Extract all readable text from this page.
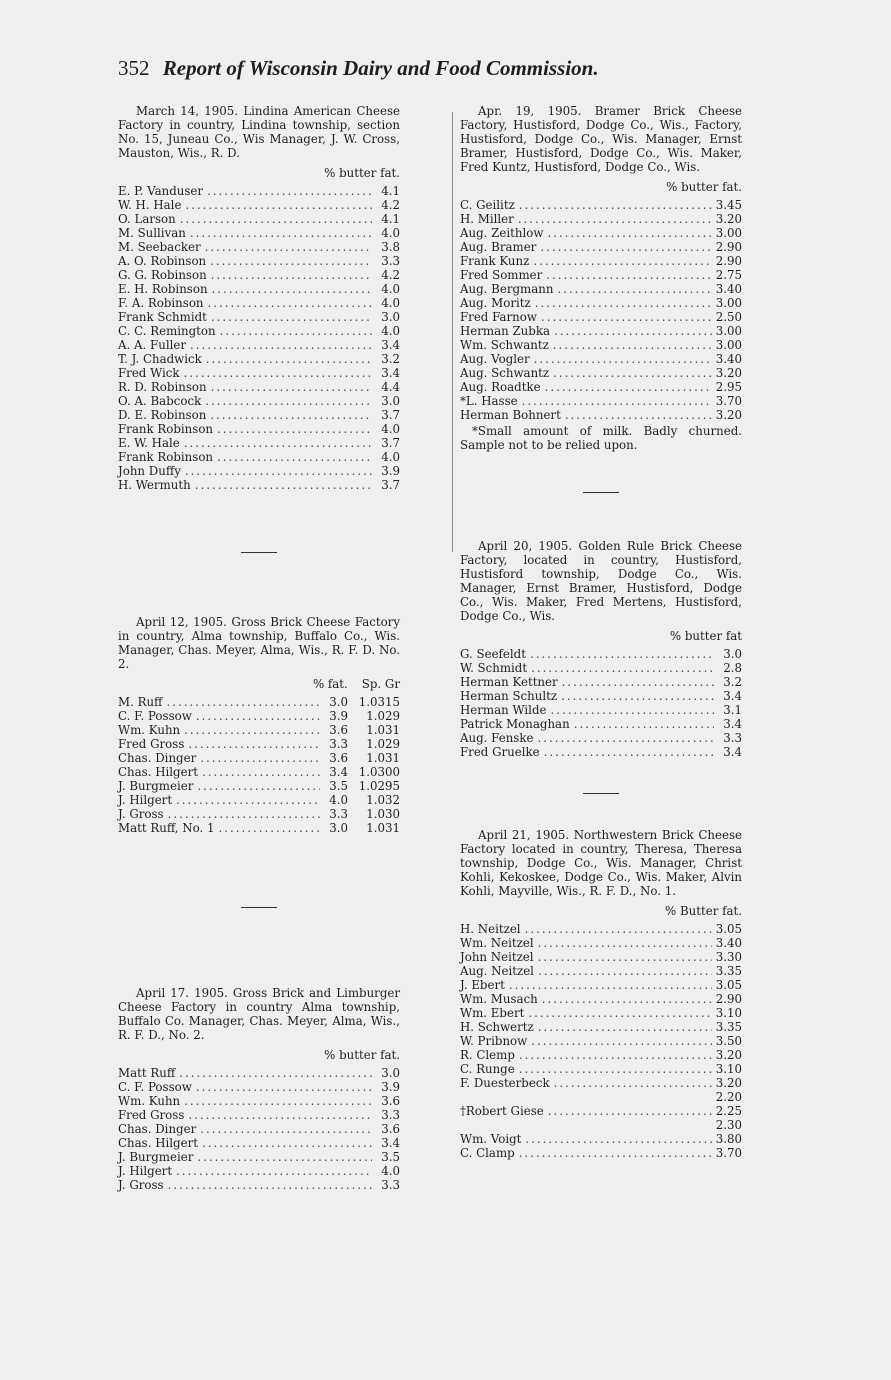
352 Report of Wisconsin Dairy and Food Commission.

March 14, 1905. Lindina American Cheese Factory in country, Lindina township, section No. 15, Juneau Co., Wis Manager, J. W. Cross, Mauston, Wis., R. D.

% butter fat.
E. P. Vanduser .....	4.1
W. H. Hale .....	4.2
O. Larson .....	4.1
M. Sullivan .....	4.0
M. Seebacker .....	3.8
A. O. Robinson .....	3.3
G. G. Robinson .....	4.2
E. H. Robinson .....	4.0
F. A. Robinson .....	4.0
Frank Schmidt .....	3.0
C. C. Remington .....	4.0
A. A. Fuller .....	3.4
T. J. Chadwick .....	3.2
Fred Wick .....	3.4
R. D. Robinson .....	4.4
O. A. Babcock .....	3.0
D. E. Robinson .....	3.7
Frank Robinson .....	4.0
E. W. Hale .....	3.7
Frank Robinson .....	4.0
John Duffy .....	3.9
H. Wermuth .....	3.7

April 12, 1905. Gross Brick Cheese Factory in country, Alma township, Buffalo Co., Wis. Manager, Chas. Meyer, Alma, Wis., R. F. D. No. 2.

% fat. Sp. Gr
M. Ruff .....	3.0 1.0315
C. F. Possow .....	3.9	1.029
Wm. Kuhn .....	3.6	1.031
Fred Gross .....	3.3	1.029
Chas. Dinger .....	3.6	1.031
Chas. Hilgert .....	3.4 1.0300
J. Burgmeier .....	3.5 1.0295
J. Hilgert .....	4.0	1.032
J. Gross .....	3.3	1.030
Matt Ruff, No. 1 .....	3.0	1.031

April 17. 1905. Gross Brick and Limburger Cheese Factory in country Alma township, Buffalo Co. Manager, Chas. Meyer, Alma, Wis., R. F. D., No. 2.

% butter fat.
Matt Ruff .....	3.0
C. F. Possow .....	3.9
Wm. Kuhn .....	3.6
Fred Gross .....	3.3
Chas. Dinger .....	3.6
Chas. Hilgert .....	3.4
J. Burgmeier .....	3.5
J. Hilgert .....	4.0
J. Gross .....	3.3

Apr. 19, 1905. Bramer Brick Cheese Factory, Hustisford, Dodge Co., Wis., Factory, Hustisford, Dodge Co., Wis. Manager, Ernst Bramer, Hustisford, Dodge Co., Wis. Maker, Fred Kuntz, Hustisford, Dodge Co., Wis.

% butter fat.
C. Geilitz .....	3.45
H. Miller .....	3.20
Aug. Zeithlow .....	3.00
Aug. Bramer .....	2.90
Frank Kunz .....	2.90
Fred Sommer .....	2.75
Aug. Bergmann .....	3.40
Aug. Moritz .....	3.00
Fred Farnow .....	2.50
Herman Zubka .....	3.00
Wm. Schwantz .....	3.00
Aug. Vogler .....	3.40
Aug. Schwantz .....	3.20
Aug. Roadtke .....	2.95
*L. Hasse .....	3.70
Herman Bohnert .....	3.20

*Small amount of milk. Badly churned. Sample not to be relied upon.

April 20, 1905. Golden Rule Brick Cheese Factory, located in country, Hustisford, Hustisford township, Dodge Co., Wis. Manager, Ernst Bramer, Hustisford, Dodge Co., Wis. Maker, Fred Mertens, Hustisford, Dodge Co., Wis.

% butter fat
G. Seefeldt .....	3.0
W. Schmidt .....	2.8
Herman Kettner .....	3.2
Herman Schultz .....	3.4
Herman Wilde .....	3.1
Patrick Monaghan .....	3.4
Aug. Fenske .....	3.3
Fred Gruelke .....	3.4

April 21, 1905. Northwestern Brick Cheese Factory located in country, Theresa, Theresa township, Dodge Co., Wis. Manager, Christ Kohli, Kekoskee, Dodge Co., Wis. Maker, Alvin Kohli, Mayville, Wis., R. F. D., No. 1.

% Butter fat.
H. Neitzel .....	3.05
Wm. Neitzel .....	3.40
John Neitzel .....	3.30
Aug. Neitzel .....	3.35
J. Ebert .....	3.05
Wm. Musach .....	2.90
Wm. Ebert .....	3.10
H. Schwertz .....	3.35
W. Pribnow .....	3.50
R. Clemp .....	3.20
C. Runge .....	3.10
F. Duesterbeck .....	3.20
2.20
†Robert Giese .....	2.25
2.30
Wm. Voigt .....	3.80
C. Clamp .....	3.70
